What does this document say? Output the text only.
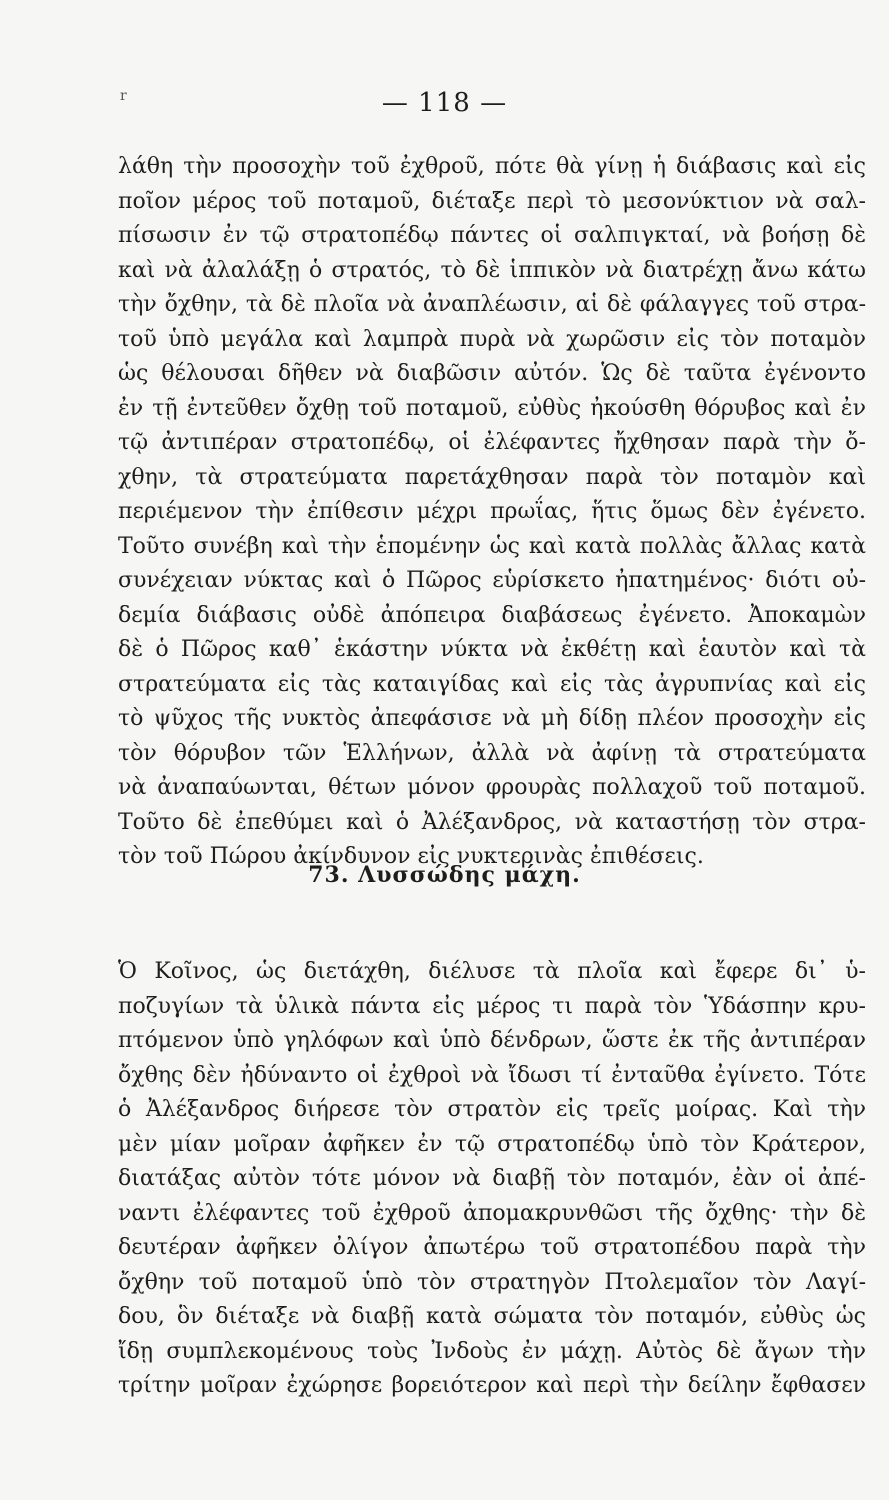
r	— 118 —
λάθη τὴν προσοχὴν τοῦ ἐχθροῦ, πότε θὰ γίνῃ ἡ διάβασις καὶ εἰς
ποῖον μέρος τοῦ ποταμοῦ, διέταξε περὶ τὸ μεσονύκτιον νὰ σαλ-
πίσωσιν ἐν τῷ στρατοπέδῳ πάντες οἱ σαλπιγκταί, νὰ βοήσῃ δὲ
καὶ νὰ ἀλαλάξῃ ὁ στρατός, τὸ δὲ ἱππικὸν νὰ διατρέχῃ ἄνω κάτω
τὴν ὄχθην, τὰ δὲ πλοῖα νὰ ἀναπλέωσιν, αἱ δὲ φάλαγγες τοῦ στρα-
τοῦ ὑπὸ μεγάλα καὶ λαμπρὰ πυρὰ νὰ χωρῶσιν εἰς τὸν ποταμὸν
ὡς θέλουσαι δῆθεν νὰ διαβῶσιν αὐτόν. Ὡς δὲ ταῦτα ἐγένοντο
ἐν τῇ ἐντεῦθεν ὄχθῃ τοῦ ποταμοῦ, εὐθὺς ἠκούσθη θόρυβος καὶ ἐν
τῷ ἀντιπέραν στρατοπέδῳ, οἱ ἐλέφαντες ἤχθησαν παρὰ τὴν ὄ-
χθην, τὰ στρατεύματα παρετάχθησαν παρὰ τὸν ποταμὸν καὶ
περιέμενον τὴν ἐπίθεσιν μέχρι πρωΐας, ἥτις ὅμως δὲν ἐγένετο.
Τοῦτο συνέβη καὶ τὴν ἑπομένην ὡς καὶ κατὰ πολλὰς ἄλλας κατὰ
συνέχειαν νύκτας καὶ ὁ Πῶρος εὑρίσκετο ἠπατημένος· διότι οὐ-
δεμία διάβασις οὐδὲ ἀπόπειρα διαβάσεως ἐγένετο. Ἀποκαμὼν
δὲ ὁ Πῶρος καθ᾽ ἑκάστην νύκτα νὰ ἐκθέτῃ καὶ ἑαυτὸν καὶ τὰ
στρατεύματα εἰς τὰς καταιγίδας καὶ εἰς τὰς ἀγρυπνίας καὶ εἰς
τὸ ψῦχος τῆς νυκτὸς ἀπεφάσισε νὰ μὴ δίδῃ πλέον προσοχὴν εἰς
τὸν θόρυβον τῶν Ἑλλήνων, ἀλλὰ νὰ ἀφίνῃ τὰ στρατεύματα
νὰ ἀναπαύωνται, θέτων μόνον φρουρὰς πολλαχοῦ τοῦ ποταμοῦ.
Τοῦτο δὲ ἐπεθύμει καὶ ὁ Ἀλέξανδρος, νὰ καταστήσῃ τὸν στρα-
τὸν τοῦ Πώρου ἀκίνδυνον εἰς νυκτερινὰς ἐπιθέσεις.
73. Λυσσώδης μάχη.
Ὁ Κοῖνος, ὡς διετάχθη, διέλυσε τὰ πλοῖα καὶ ἔφερε δι᾽ ὑ-
ποζυγίων τὰ ὑλικὰ πάντα εἰς μέρος τι παρὰ τὸν Ὑδάσπην κρυ-
πτόμενον ὑπὸ γηλόφων καὶ ὑπὸ δένδρων, ὥστε ἐκ τῆς ἀντιπέραν
ὄχθης δὲν ἠδύναντο οἱ ἐχθροὶ νὰ ἴδωσι τί ἐνταῦθα ἐγίνετο. Τότε
ὁ Ἀλέξανδρος διήρεσε τὸν στρατὸν εἰς τρεῖς μοίρας. Καὶ τὴν
μὲν μίαν μοῖραν ἀφῆκεν ἐν τῷ στρατοπέδῳ ὑπὸ τὸν Κράτερον,
διατάξας αὐτὸν τότε μόνον νὰ διαβῇ τὸν ποταμόν, ἐὰν οἱ ἀπέ-
ναντι ἐλέφαντες τοῦ ἐχθροῦ ἀπομακρυνθῶσι τῆς ὄχθης· τὴν δὲ
δευτέραν ἀφῆκεν ὀλίγον ἀπωτέρω τοῦ στρατοπέδου παρὰ τὴν
ὄχθην τοῦ ποταμοῦ ὑπὸ τὸν στρατηγὸν Πτολεμαῖον τὸν Λαγί-
δου, ὃν διέταξε νὰ διαβῇ κατὰ σώματα τὸν ποταμόν, εὐθὺς ὡς
ἴδῃ συμπλεκομένους τοὺς Ἰνδοὺς ἐν μάχῃ. Αὐτὸς δὲ ἄγων τὴν
τρίτην μοῖραν ἐχώρησε βορειότερον καὶ περὶ τὴν δείλην ἔφθασεν
